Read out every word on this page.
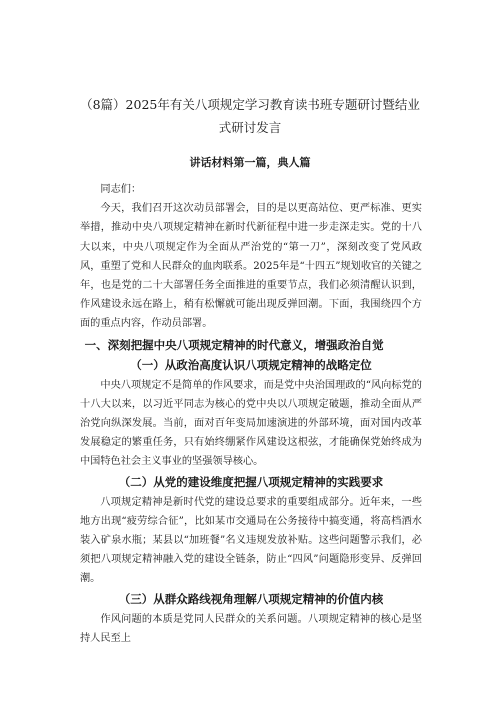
（8篇）2025年有关八项规定学习教育读书班专题研讨暨结业
式研讨发言
讲话材料第一篇，典人篇

同志们：

今天，我们召开这次动员部署会，目的是以更高站位、更严标准、更实举措，推动中央八项规定精神在新时代新征程中进一步走深走实。党的十八大以来，中央八项规定作为全面从严治党的“第一刀”，深刻改变了党风政风，重塑了党和人民群众的血肉联系。2025年是“十四五”规划收官的关键之年，也是党的二十大部署任务全面推进的重要节点，我们必须清醒认识到，作风建设永远在路上，稍有松懈就可能出现反弹回潮。下面，我围绕四个方面的重点内容，作动员部署。

一、深刻把握中央八项规定精神的时代意义，增强政治自觉
（一）从政治高度认识八项规定精神的战略定位

中央八项规定不是简单的作风要求，而是党中央治国理政的“风向标党的十八大以来，以习近平同志为核心的党中央以八项规定破题，推动全面从严治党向纵深发展。当前，面对百年变局加速演进的外部环境，面对国内改革发展稳定的繁重任务，只有始终绷紧作风建设这根弦，才能确保党始终成为中国特色社会主义事业的坚强领导核心。

（二）从党的建设维度把握八项规定精神的实践要求

八项规定精神是新时代党的建设总要求的重要组成部分。近年来，一些地方出现“疲劳综合征”，比如某市交通局在公务接待中搞变通，将高档酒水装入矿泉水瓶；某县以“加班餐”名义违规发放补贴。这些问题警示我们，必须把八项规定精神融入党的建设全链条，防止“四风”问题隐形变异、反弹回潮。

（三）从群众路线视角理解八项规定精神的价值内核

作风问题的本质是党同人民群众的关系问题。八项规定精神的核心是坚持人民至上
